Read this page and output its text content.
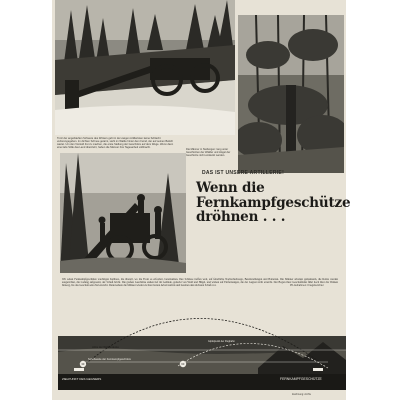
Trotz der angehäuften Schwere des Winters geht in der ewigen Artilleristen keine Schlacht verlorengegeben. Im dichten Schnee getarnt, steht im Walde hinter dem Feind, der auf seinen Befehl wartet. Um den Vorstoß frei zu machen, die erste Stellung der Geschütze auf dem Wege. Wenn dann eine tiefe Stille das Land überzieht, haben die Männer ihre Tagesarbeit vollbracht.
Die Männer in Stellungen: lang unter Geschützen der Wälder und Hügel der Geschütze nicht entdeckt werden.
DAS IST UNSERE ARTILLERIE!
Wenn die
Fernkampfgeschütze
dröhnen . . .
Wir sehen Fernkampfgeschütze wuchtigen Kalibers, die überall, wo die Front es erfordert, bereitstehen. Ihre Schüsse treffen weit, auf feindliche Nachschubwege, Bereitstellungen und Batterien. Die Männer arbeiten gemeinsam, die Rohre werden ausgerichtet, die Ladung aufgesetzt, der Schuß bricht. Die großen Geschütze stehen tief im Gelände, gedeckt von Wald und Hügel, und wirken auf Entfernungen, die der Gegner nicht erreicht. Der Bogen ihrer Geschoßbahn führt hoch über die Wolken hinweg, bis das Geschoß sein Ziel erreicht. Dann kehren die Männer wieder zu ihrer harten Arbeit zurück und bereiten den nächsten Schuß vor.	PK-Aufnahmen: Kriegsberichter
30	60
Schußweite der Fernkampfgeschütze
Höhe der Wolkendecke
Gipfelpunkt der Flugbahn
ZIELPUNKT DES GEGNERS	FERNKAMPFGESCHÜTZE
Zeichnung: Archiv
